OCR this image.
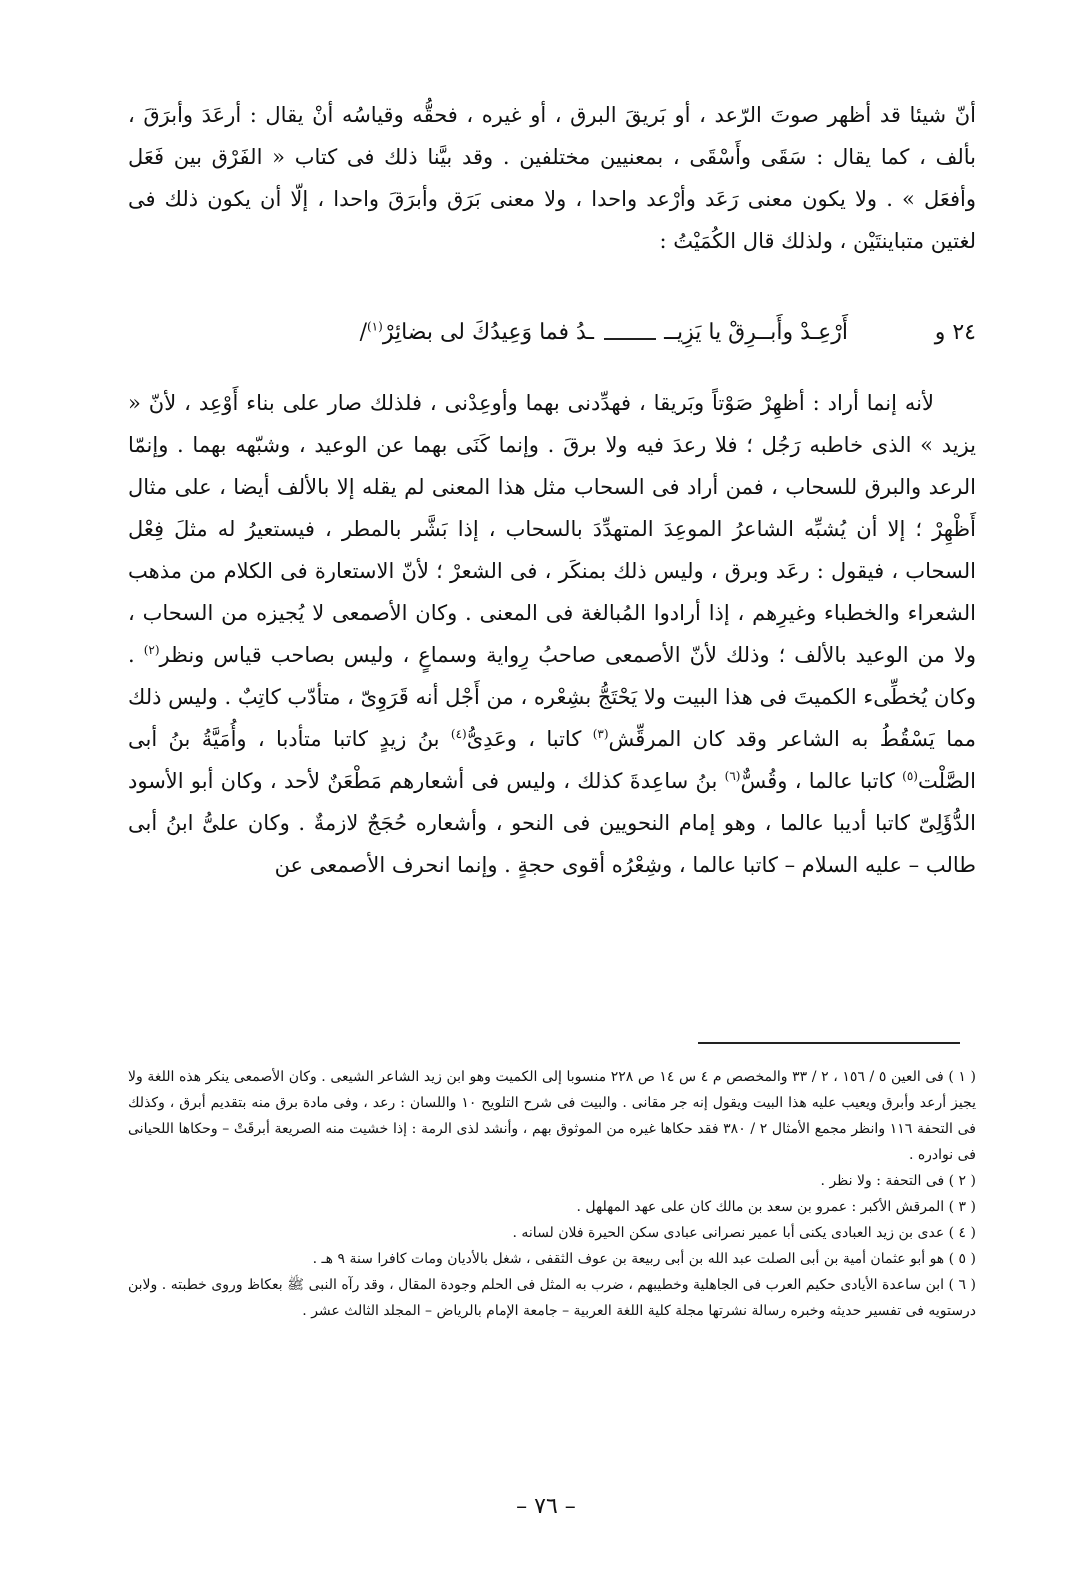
أنّ شيئا قد أظهر صوتَ الرّعد ، أو بَريقَ البرق ، أو غيره ، فحقُّه وقياسُه أنْ يقال : أرعَدَ وأبرَقَ ، بألف ، كما يقال : سَقَى وأَسْقَى ، بمعنيين مختلفين . وقد بيَّنا ذلك فى كتاب « الفَرْق بين فَعَل وأفعَل » . ولا يكون معنى رَعَد وأرْعد واحدا ، ولا معنى بَرَق وأبرَقَ واحدا ، إلّا أن يكون ذلك فى لغتين متباينتَيْن ، ولذلك قال الكُمَيْتُ :

٢٤ و
أَرْعِـدْ وأَبــرِقْ يا يَزِيــ
ـدُ فما وَعِيدُكَ لى بضائِرْ$^{(١)}$/

لأنه إنما أراد : أظهِرْ صَوْتاً وبَريقا ، فهدِّدنى بهما وأوعِدْنى ، فلذلك صار على بناء أَوْعِد ، لأنّ « يزيد » الذى خاطبه رَجُل ؛ فلا رعدَ فيه ولا برقَ . وإنما كَنَى بهما عن الوعيد ، وشبّهه بهما . وإنمّا الرعد والبرق للسحاب ، فمن أراد فى السحاب مثل هذا المعنى لم يقله إلا بالألف أيضا ، على مثال أَظْهِرْ ؛ إلا أن يُشبِّه الشاعرُ الموعِدَ المتهدِّدَ بالسحاب ، إذا بَشَّر بالمطر ، فيستعيرُ له مثلَ فِعْل السحاب ، فيقول : رعَد وبرق ، وليس ذلك بمنكَر ، فى الشعرْ ؛ لأنّ الاستعارة فى الكلام من مذهب الشعراء والخطباء وغيرِهم ، إذا أرادوا المُبالغة فى المعنى . وكان الأصمعى لا يُجيزه من السحاب ، ولا من الوعيد بالألف ؛ وذلك لأنّ الأصمعى صاحبُ رِواية وسماعٍ ، وليس بصاحب قياس ونظر$^{(٢)}$ . وكان يُخطِّىء الكميتَ فى هذا البيت ولا يَحْتَجُّ بشِعْره ، من أَجْل أنه قَرَوِىّ ، متأدّب كاتِبٌ . وليس ذلك مما يَسْقُطُ به الشاعر وقد كان المرقِّش$^{(٣)}$ كاتبا ، وعَدِىُّ$^{(٤)}$ بنُ زيدٍ كاتبا متأدبا ، وأُمَيَّةُ بنُ أبى الصَّلْت$^{(٥)}$ كاتبا عالما ، وقُسٌّ$^{(٦)}$ بنُ ساعِدةَ كذلك ، وليس فى أشعارهم مَطْعَنٌ لأحد ، وكان أبو الأسود الدُّؤَلِىّ كاتبا أديبا عالما ، وهو إمام النحويين فى النحو ، وأشعاره حُجَجٌ لازمةٌ . وكان علىُّ ابنُ أبى طالب – عليه السلام – كاتبا عالما ، وشِعْرُه أقوى حجةٍ . وإنما انحرف الأصمعى عن

( ١ ) فى العين ٥ / ١٥٦ ، ٢ / ٣٣ والمخصص م ٤ س ١٤ ص ٢٢٨ منسوبا إلى الكميت وهو ابن زيد الشاعر الشيعى . وكان الأصمعى ينكر هذه اللغة ولا يجيز أرعد وأبرق ويعيب عليه هذا البيت ويقول إنه جر مقانى . والبيت فى شرح التلويح ١٠ واللسان : رعد ، وفى مادة برق منه بتقديم أبرق ، وكذلك فى التحفة ١١٦ وانظر مجمع الأمثال ٢ / ٣٨٠ فقد حكاها غيره من الموثوق بهم ، وأنشد لذى الرمة : إذا خشيت منه الصريعة أبرقَتْ – وحكاها اللحيانى فى نوادره .

( ٢ ) فى التحفة : ولا نظر .

( ٣ ) المرقش الأكبر : عمرو بن سعد بن مالك كان على عهد المهلهل .

( ٤ ) عدى بن زيد العبادى يكنى أبا عمير نصرانى عبادى سكن الحيرة فلان لسانه .

( ٥ ) هو أبو عثمان أمية بن أبى الصلت عبد الله بن أبى ربيعة بن عوف الثقفى ، شغل بالأديان ومات كافرا سنة ٩ هـ .

( ٦ ) ابن ساعدة الأيادى حكيم العرب فى الجاهلية وخطيبهم ، ضرب به المثل فى الحلم وجودة المقال ، وقد رآه النبى ﷺ بعكاظ وروى خطبته . ولابن درستويه فى تفسير حديثه وخبره رسالة نشرتها مجلة كلية اللغة العربية – جامعة الإمام بالرياض – المجلد الثالث عشر .

– ٧٦ –
